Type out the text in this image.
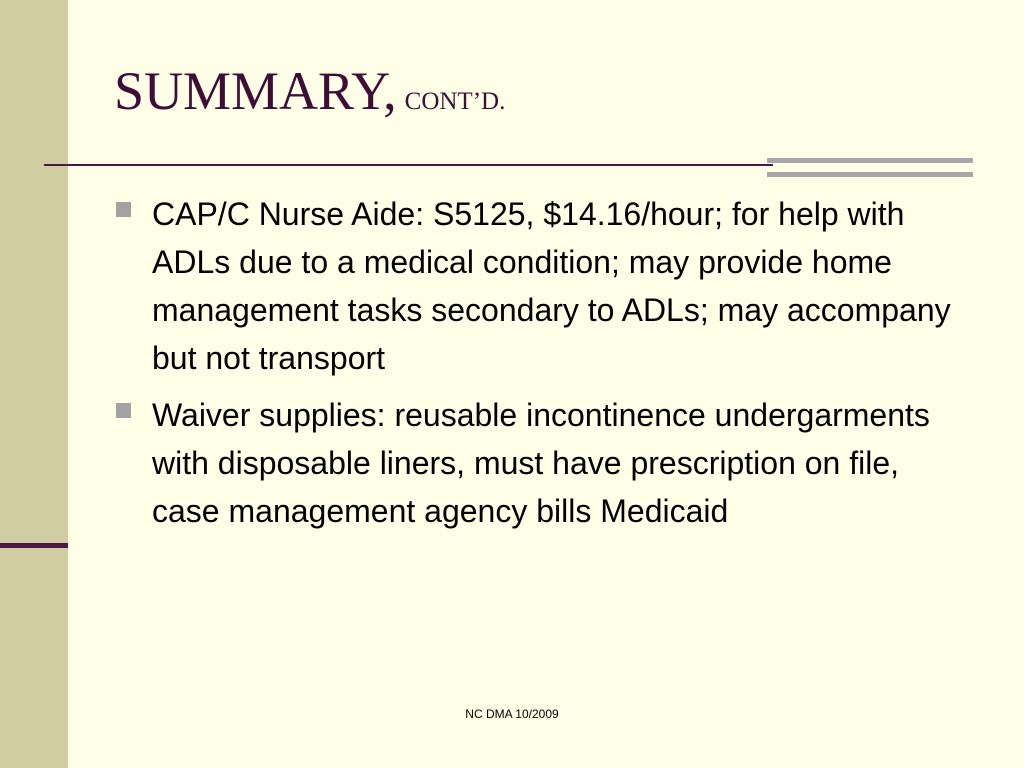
SUMMARY, CONT’D.
CAP/C Nurse Aide: S5125, $14.16/hour; for help with ADLs due to a medical condition; may provide home management tasks secondary to ADLs; may accompany but not transport
Waiver supplies: reusable incontinence undergarments with disposable liners, must have prescription on file, case management agency bills Medicaid
NC DMA 10/2009
